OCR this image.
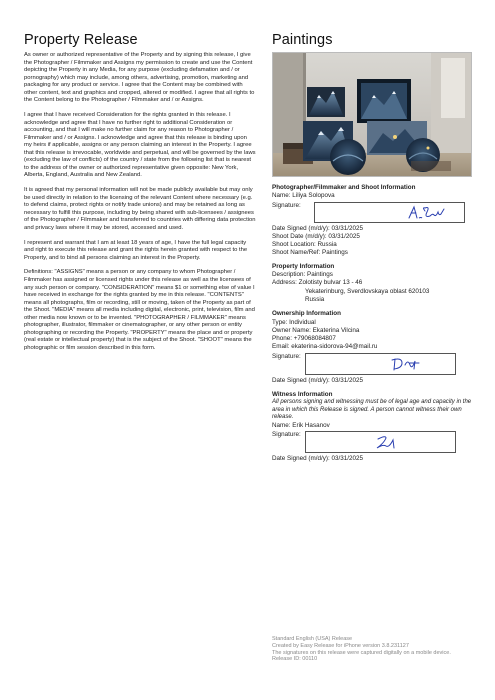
Property Release

As owner or authorized representative of the Property and by signing this release, I give the Photographer / Filmmaker and Assigns my permission to create and use the Content depicting the Property in any Media, for any purpose (excluding defamation and / or pornography) which may include, among others, advertising, promotion, marketing and packaging for any product or service. I agree that the Content may be combined with other content, text and graphics and cropped, altered or modified. I agree that all rights to the Content belong to the Photographer / Filmmaker and / or Assigns.

I agree that I have received Consideration for the rights granted in this release. I acknowledge and agree that I have no further right to additional Consideration or accounting, and that I will make no further claim for any reason to Photographer / Filmmaker and / or Assigns. I acknowledge and agree that this release is binding upon my heirs if applicable, assigns or any person claiming an interest in the Property. I agree that this release is irrevocable, worldwide and perpetual, and will be governed by the laws (excluding the law of conflicts) of the country / state from the following list that is nearest to the address of the owner or authorized representative given opposite: New York, Alberta, England, Australia and New Zealand.

It is agreed that my personal information will not be made publicly available but may only be used directly in relation to the licensing of the relevant Content where necessary (e.g. to defend claims, protect rights or notify trade unions) and may be retained as long as necessary to fulfill this purpose, including by being shared with sub-licensees / assignees of the Photographer / Filmmaker and transferred to countries with differing data protection and privacy laws where it may be stored, accessed and used.

I represent and warrant that I am at least 18 years of age, I have the full legal capacity and right to execute this release and grant the rights herein granted with respect to the Property, and to bind all persons claiming an interest in the Property.

Definitions: "ASSIGNS" means a person or any company to whom Photographer / Filmmaker has assigned or licensed rights under this release as well as the licensees of any such person or company. "CONSIDERATION" means $1 or something else of value I have received in exchange for the rights granted by me in this release. "CONTENTS" means all photographs, film or recording, still or moving, taken of the Property as part of the Shoot. "MEDIA" means all media including digital, electronic, print, television, film and other media now known or to be invented. "PHOTOGRAPHER / FILMMAKER" means photographer, illustrator, filmmaker or cinematographer, or any other person or entity photographing or recording the Property. "PROPERTY" means the place and or property (real estate or intellectual property) that is the subject of the Shoot. "SHOOT" means the photographic or film session described in this form.

Paintings
Photographer/Filmmaker and Shoot Information
Name: Liliya Solopova
Signature:
Date Signed (m/d/y): 03/31/2025
Shoot Date (m/d/y): 03/31/2025
Shoot Location: Russia
Shoot Name/Ref: Paintings
Property Information
Description: Paintings
Address: Zolotisty bulvar 13 - 46
Yekaterinburg, Sverdlovskaya oblast 620103
Russia
Ownership Information
Type: Individual
Owner Name: Ekaterina Vilcina
Phone: +79068084807
Email: ekaterina-sidorova-94@mail.ru
Signature:
Date Signed (m/d/y): 03/31/2025
Witness Information
All persons signing and witnessing must be of legal age and capacity in the area in which this Release is signed. A person cannot witness their own release.
Name: Erik Hasanov
Signature:
Date Signed (m/d/y): 03/31/2025
Standard English (USA) Release
Created by Easy Release for iPhone version 3.8.231127
The signatures on this release were captured digitally on a mobile device.
Release ID: 00110
